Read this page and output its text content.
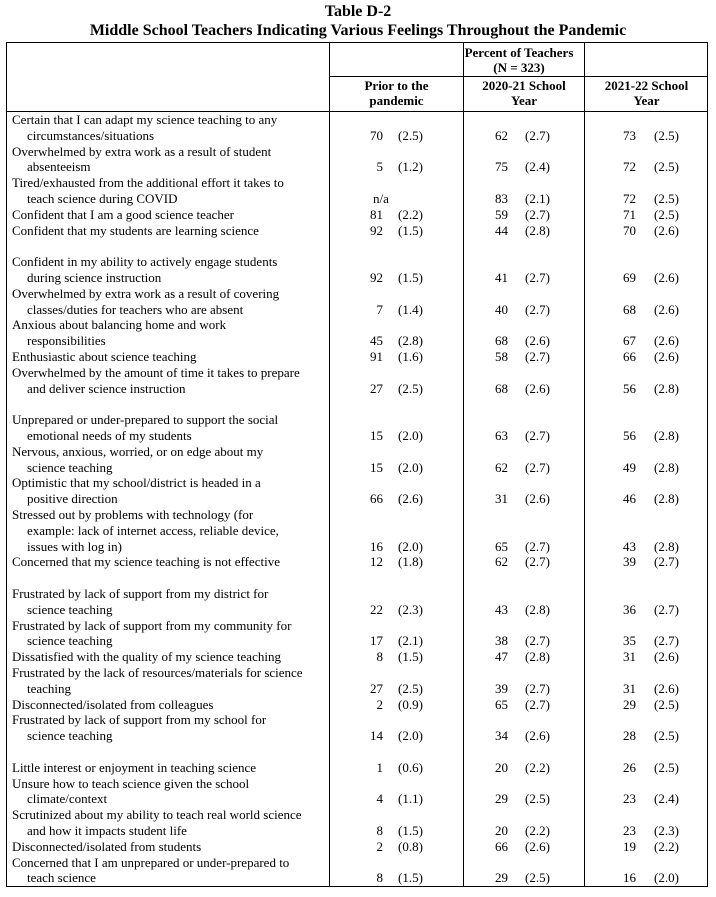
Table D-2
Middle School Teachers Indicating Various Feelings Throughout the Pandemic
Percent of Teachers
(N = 323)
Prior to the
pandemic
2020-21 School
Year
2021-22 School
Year
Certain that I can adapt my science teaching to any
circumstances/situations	70 (2.5)	62 (2.7)	73 (2.5)
Overwhelmed by extra work as a result of student
absenteeism	5 (1.2)	75 (2.4)	72 (2.5)
Tired/exhausted from the additional effort it takes to
teach science during COVID	n/a	83 (2.1)	72 (2.5)
Confident that I am a good science teacher	81 (2.2)	59 (2.7)	71 (2.5)
Confident that my students are learning science	92 (1.5)	44 (2.8)	70 (2.6)
Confident in my ability to actively engage students
during science instruction	92 (1.5)	41 (2.7)	69 (2.6)
Overwhelmed by extra work as a result of covering
classes/duties for teachers who are absent	7 (1.4)	40 (2.7)	68 (2.6)
Anxious about balancing home and work
responsibilities	45 (2.8)	68 (2.6)	67 (2.6)
Enthusiastic about science teaching	91 (1.6)	58 (2.7)	66 (2.6)
Overwhelmed by the amount of time it takes to prepare
and deliver science instruction	27 (2.5)	68 (2.6)	56 (2.8)
Unprepared or under-prepared to support the social
emotional needs of my students	15 (2.0)	63 (2.7)	56 (2.8)
Nervous, anxious, worried, or on edge about my
science teaching	15 (2.0)	62 (2.7)	49 (2.8)
Optimistic that my school/district is headed in a
positive direction	66 (2.6)	31 (2.6)	46 (2.8)
Stressed out by problems with technology (for
example: lack of internet access, reliable device,
issues with log in)	16 (2.0)	65 (2.7)	43 (2.8)
Concerned that my science teaching is not effective	12 (1.8)	62 (2.7)	39 (2.7)
Frustrated by lack of support from my district for
science teaching	22 (2.3)	43 (2.8)	36 (2.7)
Frustrated by lack of support from my community for
science teaching	17 (2.1)	38 (2.7)	35 (2.7)
Dissatisfied with the quality of my science teaching	8 (1.5)	47 (2.8)	31 (2.6)
Frustrated by the lack of resources/materials for science
teaching	27 (2.5)	39 (2.7)	31 (2.6)
Disconnected/isolated from colleagues	2 (0.9)	65 (2.7)	29 (2.5)
Frustrated by lack of support from my school for
science teaching	14 (2.0)	34 (2.6)	28 (2.5)
Little interest or enjoyment in teaching science	1 (0.6)	20 (2.2)	26 (2.5)
Unsure how to teach science given the school
climate/context	4 (1.1)	29 (2.5)	23 (2.4)
Scrutinized about my ability to teach real world science
and how it impacts student life	8 (1.5)	20 (2.2)	23 (2.3)
Disconnected/isolated from students	2 (0.8)	66 (2.6)	19 (2.2)
Concerned that I am unprepared or under-prepared to
teach science	8 (1.5)	29 (2.5)	16 (2.0)
